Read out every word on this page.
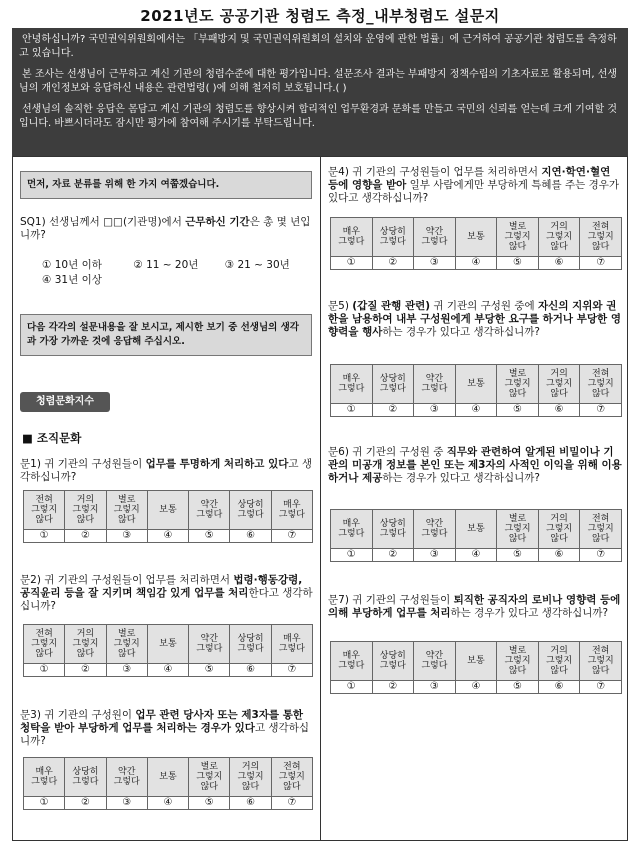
2021년도 공공기관 청렴도 측정_내부청렴도 설문지

안녕하십니까? 국민권익위원회에서는 「부패방지 및 국민권익위원회의 설치와 운영에 관한 법률」에 근거하여 공공기관 청렴도를 측정하고 있습니다.

본 조사는 선생님이 근무하고 계신 기관의 청렴수준에 대한 평가입니다. 설문조사 결과는 부패방지 정책수립의 기초자료로 활용되며, 선생님의 개인정보와 응답하신 내용은 관련법령( )에 의해 철저히 보호됩니다.( )

선생님의 솔직한 응답은 몸담고 계신 기관의 청렴도를 향상시켜 합리적인 업무환경과 문화를 만들고 국민의 신뢰를 얻는데 크게 기여할 것입니다. 바쁘시더라도 잠시만 평가에 참여해 주시기를 부탁드립니다.

먼저, 자료 분류를 위해 한 가지 여쭙겠습니다.
SQ1) 선생님께서 □□(기관명)에서 근무하신 기간은 총 몇 년입니까?
① 10년 이하	② 11 ~ 20년	③ 21 ~ 30년
④ 31년 이상
다음 각각의 설문내용을 잘 보시고, 제시한 보기 중 선생님의 생각과 가장 가까운 것에 응답해 주십시오.
청렴문화지수
■ 조직문화
문1) 귀 기관의 구성원들이 업무를 투명하게 처리하고 있다고 생각하십니까?
문2) 귀 기관의 구성원들이 업무를 처리하면서 법령·행동강령, 공직윤리 등을 잘 지키며 책임감 있게 업무를 처리한다고 생각하십니까?
문3) 귀 기관의 구성원이 업무 관련 당사자 또는 제3자를 통한 청탁을 받아 부당하게 업무를 처리하는 경우가 있다고 생각하십니까?
문4) 귀 기관의 구성원들이 업무를 처리하면서 지연·학연·혈연 등에 영향을 받아 일부 사람에게만 부당하게 특혜를 주는 경우가 있다고 생각하십니까?
문5) (갑질 관행 관련) 귀 기관의 구성원 중에 자신의 지위와 권한을 남용하여 내부 구성원에게 부당한 요구를 하거나 부당한 영향력을 행사하는 경우가 있다고 생각하십니까?
문6) 귀 기관의 구성원 중 직무와 관련하여 알게된 비밀이나 기관의 미공개 정보를 본인 또는 제3자의 사적인 이익을 위해 이용하거나 제공하는 경우가 있다고 생각하십니까?
문7) 귀 기관의 구성원들이 퇴직한 공직자의 로비나 영향력 등에 의해 부당하게 업무를 처리하는 경우가 있다고 생각하십니까?
전혀
그렇지
않다	거의
그렇지
않다	별로
그렇지
않다	보통	약간
그렇다	상당히
그렇다	매우
그렇다
①	②	③	④	⑤	⑥	⑦
전혀
그렇지
않다	거의
그렇지
않다	별로
그렇지
않다	보통	약간
그렇다	상당히
그렇다	매우
그렇다
①	②	③	④	⑤	⑥	⑦
매우
그렇다	상당히
그렇다	약간
그렇다	보통	별로
그렇지
않다	거의
그렇지
않다	전혀
그렇지
않다
①	②	③	④	⑤	⑥	⑦
매우
그렇다	상당히
그렇다	약간
그렇다	보통	별로
그렇지
않다	거의
그렇지
않다	전혀
그렇지
않다
①	②	③	④	⑤	⑥	⑦
매우
그렇다	상당히
그렇다	약간
그렇다	보통	별로
그렇지
않다	거의
그렇지
않다	전혀
그렇지
않다
①	②	③	④	⑤	⑥	⑦
매우
그렇다	상당히
그렇다	약간
그렇다	보통	별로
그렇지
않다	거의
그렇지
않다	전혀
그렇지
않다
①	②	③	④	⑤	⑥	⑦
매우
그렇다	상당히
그렇다	약간
그렇다	보통	별로
그렇지
않다	거의
그렇지
않다	전혀
그렇지
않다
①	②	③	④	⑤	⑥	⑦
